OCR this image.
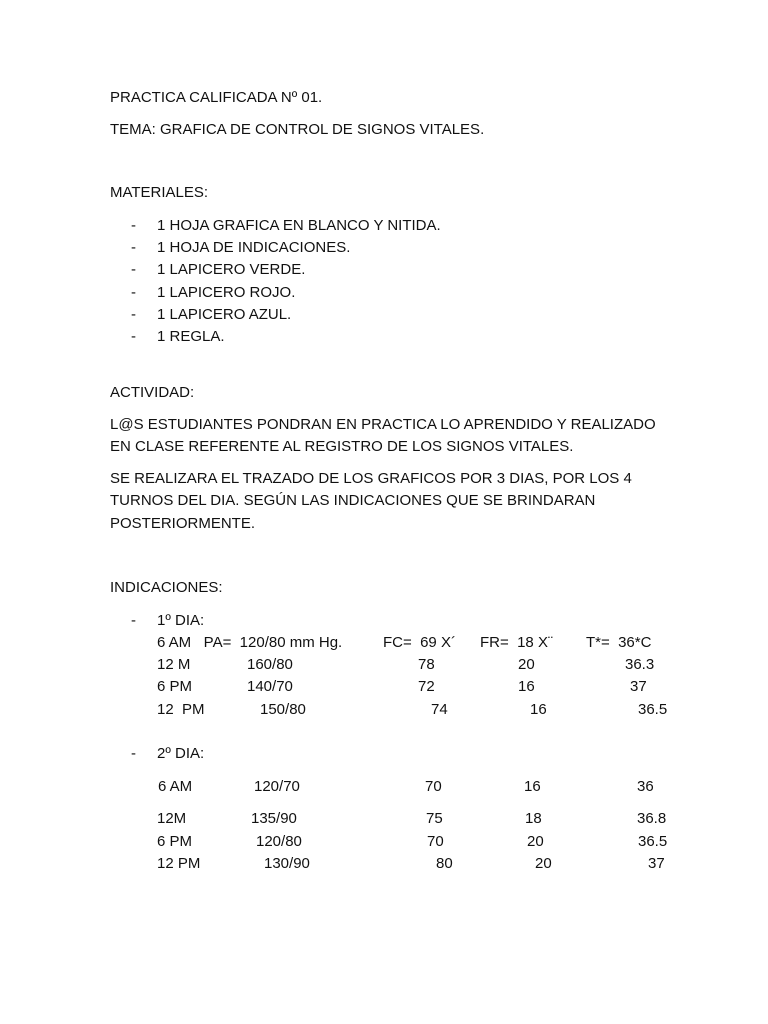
PRACTICA CALIFICADA Nº 01.
TEMA: GRAFICA DE CONTROL DE SIGNOS VITALES.
MATERIALES:
- 1 HOJA GRAFICA EN BLANCO Y NITIDA.
- 1 HOJA DE INDICACIONES.
- 1 LAPICERO VERDE.
- 1 LAPICERO ROJO.
- 1 LAPICERO AZUL.
- 1 REGLA.
ACTIVIDAD:
L@S ESTUDIANTES PONDRAN EN PRACTICA LO APRENDIDO Y REALIZADO
EN CLASE REFERENTE AL REGISTRO DE LOS SIGNOS VITALES.
SE REALIZARA EL TRAZADO DE LOS GRAFICOS POR 3 DIAS, POR LOS 4
TURNOS DEL DIA. SEGÚN LAS INDICACIONES QUE SE BRINDARAN
POSTERIORMENTE.
INDICACIONES:
- 1º DIA:
6 AM   PA=  120/80 mm Hg.	FC=  69 X´ FR=  18 X¨ T*=  36*C
12 M	160/80	78	20	36.3
6 PM	140/70	72	16	37
12  PM	150/80	74	16	36.5
- 2º DIA:
6 AM	120/70	70	16	36
12M	135/90	75	18	36.8
6 PM	120/80	70	20	36.5
12 PM	130/90	80	20	37
